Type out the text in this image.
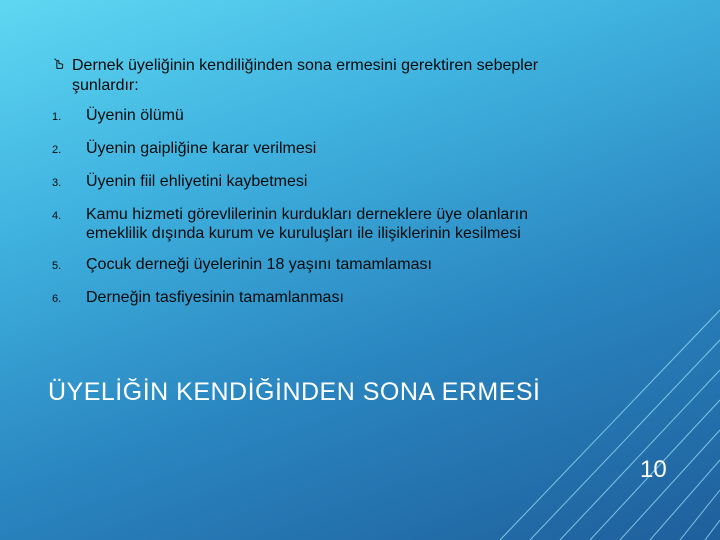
Dernek üyeliğinin kendiliğinden sona ermesini gerektiren sebepler şunlardır:
1.	Üyenin ölümü
2.	Üyenin gaipliğine karar verilmesi
3.	Üyenin fiil ehliyetini kaybetmesi
4.	Kamu hizmeti görevlilerinin kurdukları derneklere üye olanların emeklilik dışında kurum ve kuruluşları ile ilişiklerinin kesilmesi
5.	Çocuk derneği üyelerinin 18 yaşını tamamlaması
6.	Derneğin tasfiyesinin tamamlanması
ÜYELİĞİN KENDİĞİNDEN SONA ERMESİ
10
